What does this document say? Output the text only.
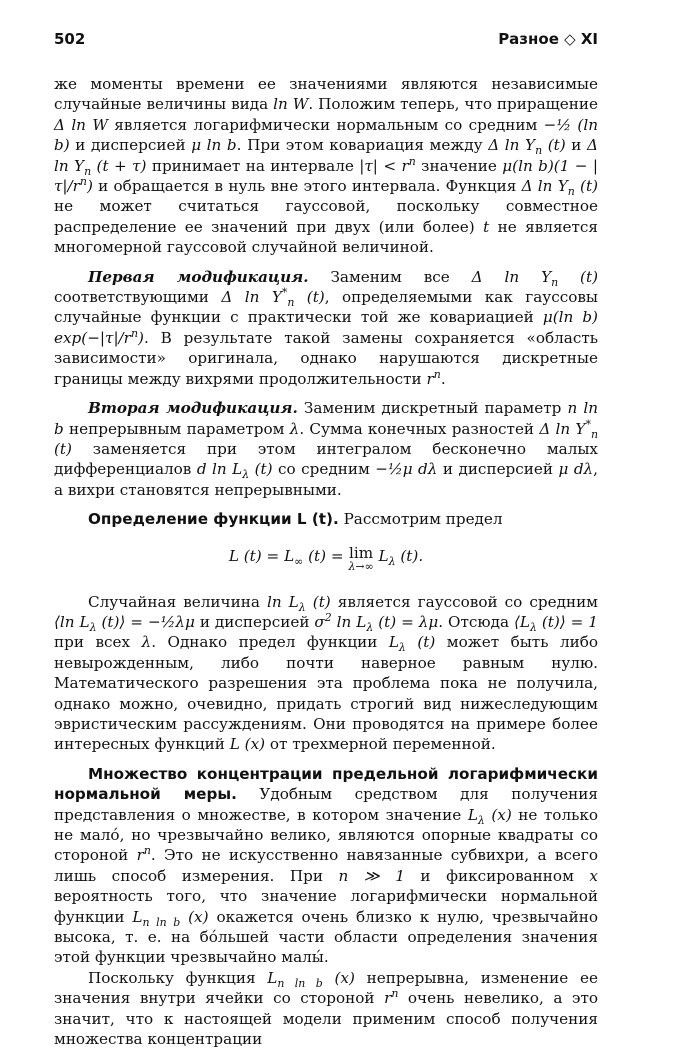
502	Разное ◇ XI

же моменты времени ее значениями являются независимые случайные величины вида ln W. Положим теперь, что приращение Δ ln W является логарифмически нормальным со средним −½ (ln b) и дисперсией μ ln b. При этом ковариация между Δ $\ln Y_n$ (t) и Δ $\ln Y_n$ (t + τ) принимает на интервале $|\tau| < r^n$ значение μ(ln $b)(1 - |\tau|/r^n)$ и обращается в нуль вне этого интервала. Функция Δ $\ln Y_n$ (t) не может считаться гауссовой, поскольку совместное распределение ее значений при двух (или более) t не является многомерной гауссовой случайной величиной.

Первая модификация. Заменим все Δ $\ln Y_n$ (t) соответствующими Δ $\ln Y^*_n$ (t), определяемыми как гауссовы случайные функции с практически той же ковариацией μ(ln b) $\exp(-|\tau|/r^n)$. В результате такой замены сохраняется «область зависимости» оригинала, однако нарушаются дискретные границы между вихрями продолжительности $r^n$.

Вторая модификация. Заменим дискретный параметр n ln b непрерывным параметром λ. Сумма конечных разностей Δ $\ln Y^*_n$ (t) заменяется при этом интегралом бесконечно малых дифференциалов d $\ln L_\lambda$ (t) со средним −½μ dλ и дисперсией μ dλ, а вихри становятся непрерывными.

Определение функции L (t). Рассмотрим предел

L $(t) = L_\infty$ (t) = lim
λ→∞
$L_\lambda$ (t).

Случайная величина $\ln L_\lambda$ (t) является гауссовой со средним ⟨ln $L_\lambda$ (t)⟩ = −½λμ и дисперсией $\sigma^2$ $\ln L_\lambda$ (t) = λμ. Отсюда $⟨L_\lambda$ (t)⟩ = 1 при всех λ. Однако предел функции $L_\lambda$ (t) может быть либо невырожденным, либо почти наверное равным нулю. Математического разрешения эта проблема пока не получила, однако можно, очевидно, придать строгий вид нижеследующим эвристическим рассуждениям. Они проводятся на примере более интересных функций L (x) от трехмерной переменной.

Множество концентрации предельной логарифмически нормальной меры. Удобным средством для получения представления о множестве, в котором значение $L_\lambda$ (x) не только не мало́, но чрезвычайно велико, являются опорные квадраты со стороной $r^n$. Это не искусственно навязанные субвихри, а всего лишь способ измерения. При n ≫ 1 и фиксированном x вероятность того, что значение логарифмически нормальной функции $L_{n ln b}$ (x) окажется очень близко к нулю, чрезвычайно высока, т. е. на бо́льшей части области определения значения этой функции чрезвычайно малы́.

Поскольку функция $L_{n ln b}$ (x) непрерывна, изменение ее значения внутри ячейки со стороной $r^n$ очень невелико, а это значит, что к настоящей модели применим способ получения множества концентрации
